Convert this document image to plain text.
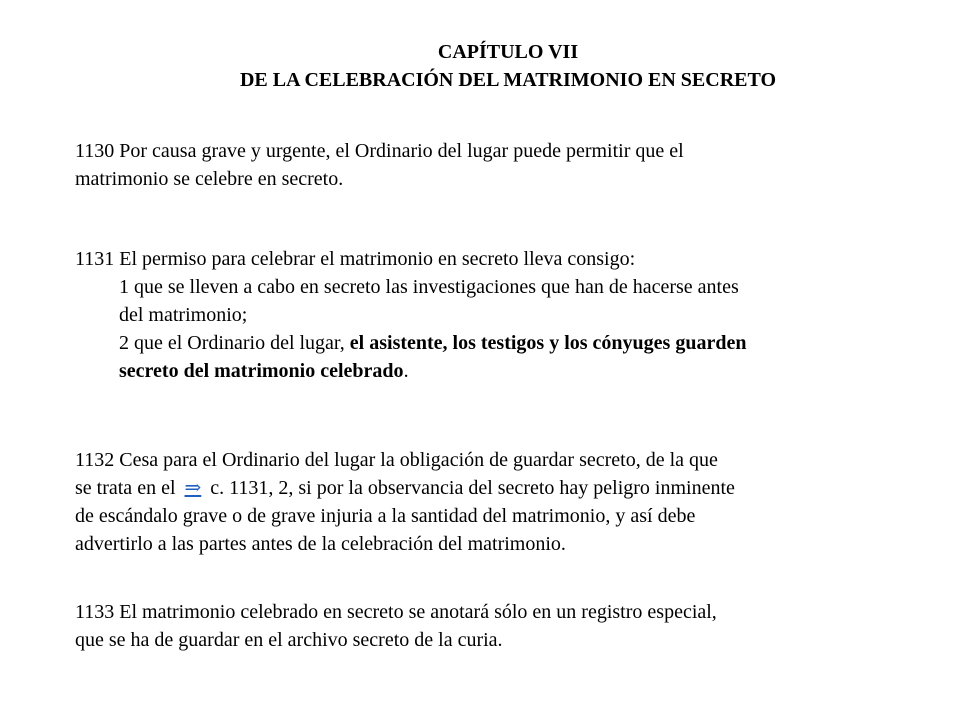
CAPÍTULO VII
DE LA CELEBRACIÓN DEL MATRIMONIO EN SECRETO
1130 Por causa grave y urgente, el Ordinario del lugar puede permitir que el
matrimonio se celebre en secreto.
1131 El permiso para celebrar el matrimonio en secreto lleva consigo:
1 que se lleven a cabo en secreto las investigaciones que han de hacerse antes
del matrimonio;
2 que el Ordinario del lugar, el asistente, los testigos y los cónyuges guarden
secreto del matrimonio celebrado.
1132 Cesa para el Ordinario del lugar la obligación de guardar secreto, de la que
se trata en el ⇒ c. 1131, 2, si por la observancia del secreto hay peligro inminente
de escándalo grave o de grave injuria a la santidad del matrimonio, y así debe
advertirlo a las partes antes de la celebración del matrimonio.
1133 El matrimonio celebrado en secreto se anotará sólo en un registro especial,
que se ha de guardar en el archivo secreto de la curia.
